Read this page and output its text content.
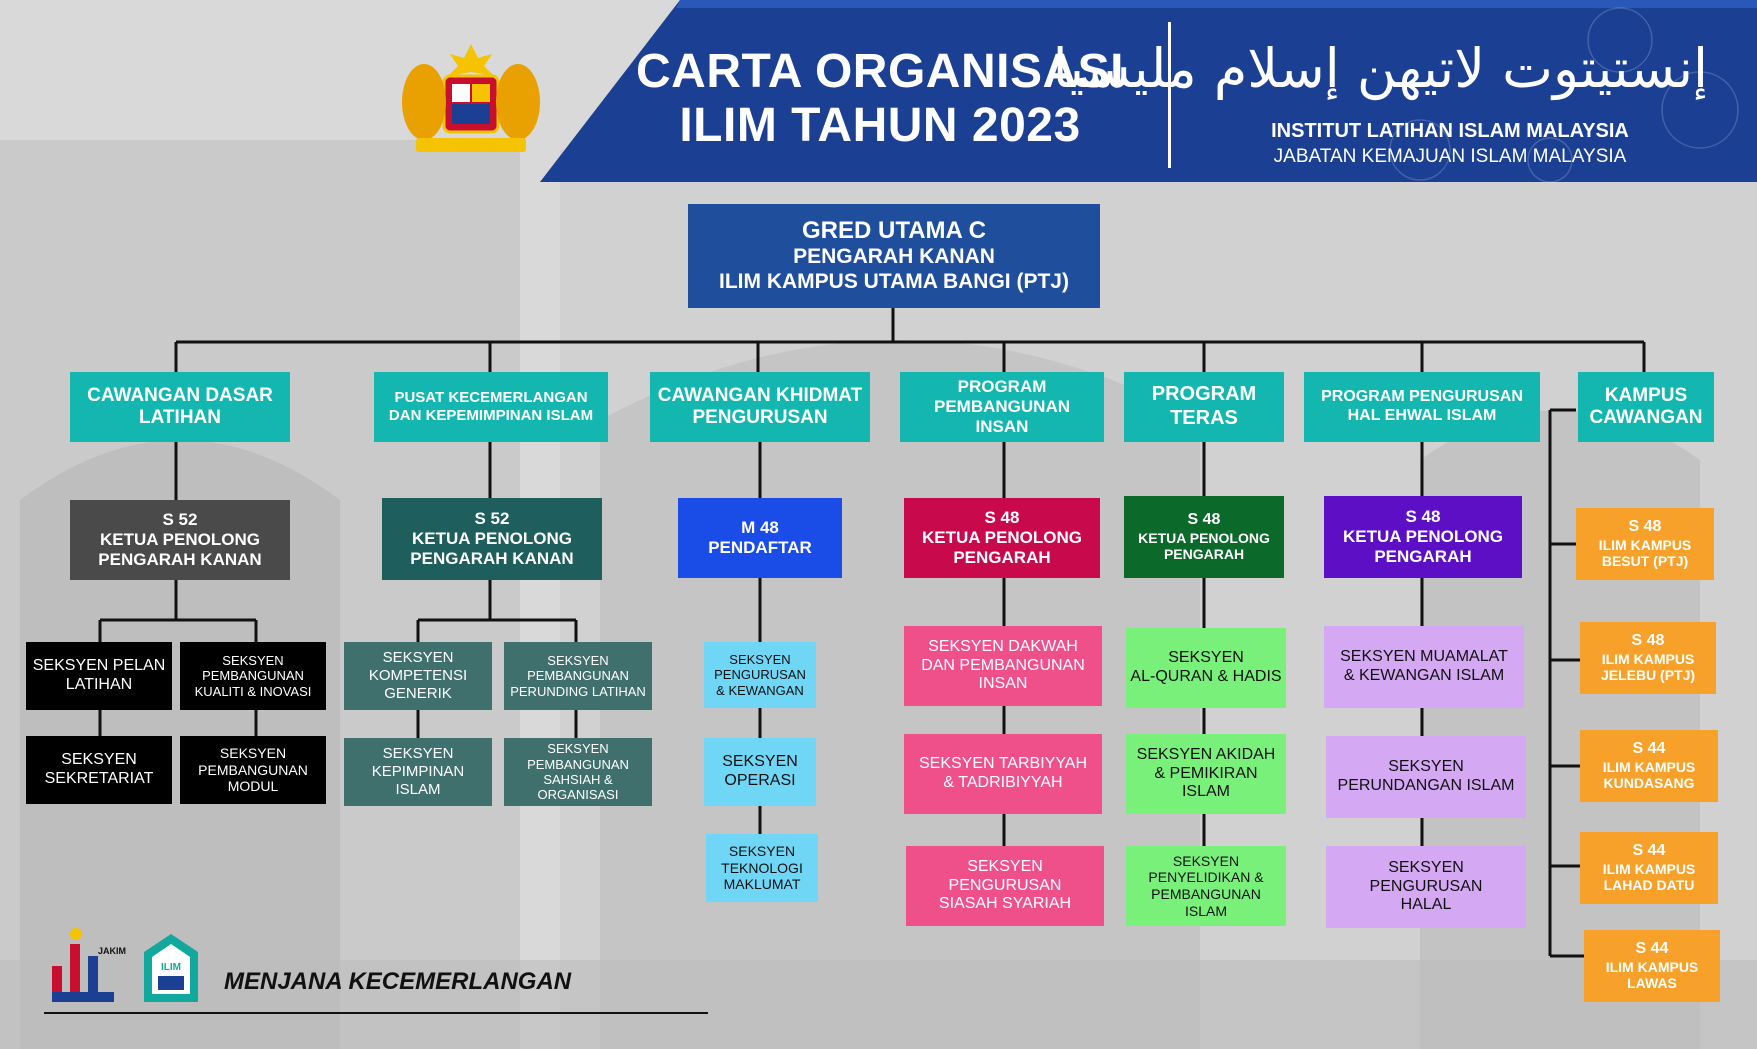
CARTA ORGANISASI
ILIM TAHUN 2023
إنستيتوت لاتيهن إسلام مليسيا
INSTITUT LATIHAN ISLAM MALAYSIA
JABATAN KEMAJUAN ISLAM MALAYSIA
GRED UTAMA C
PENGARAH KANAN
ILIM KAMPUS UTAMA BANGI (PTJ)
CAWANGAN DASAR
LATIHAN
PUSAT KECEMERLANGAN
DAN KEPEMIMPINAN ISLAM
CAWANGAN KHIDMAT
PENGURUSAN
PROGRAM
PEMBANGUNAN
INSAN
PROGRAM
TERAS
PROGRAM PENGURUSAN
HAL EHWAL ISLAM
KAMPUS
CAWANGAN
S 52
KETUA PENOLONG
PENGARAH KANAN
S 52
KETUA PENOLONG
PENGARAH KANAN
M 48
PENDAFTAR
S 48
KETUA PENOLONG
PENGARAH
S 48
KETUA PENOLONG
PENGARAH
S 48
KETUA PENOLONG
PENGARAH
SEKSYEN PELAN
LATIHAN
SEKSYEN
PEMBANGUNAN
KUALITI & INOVASI
SEKSYEN
SEKRETARIAT
SEKSYEN
PEMBANGUNAN
MODUL
SEKSYEN
KOMPETENSI
GENERIK
SEKSYEN
PEMBANGUNAN
PERUNDING LATIHAN
SEKSYEN
KEPIMPINAN ISLAM
SEKSYEN
PEMBANGUNAN
SAHSIAH & ORGANISASI
SEKSYEN
PENGURUSAN
& KEWANGAN
SEKSYEN
OPERASI
SEKSYEN
TEKNOLOGI
MAKLUMAT
SEKSYEN DAKWAH
DAN PEMBANGUNAN
INSAN
SEKSYEN TARBIYYAH
& TADRIBIYYAH
SEKSYEN PENGURUSAN
SIASAH SYARIAH
SEKSYEN
AL-QURAN & HADIS
SEKSYEN AKIDAH
& PEMIKIRAN ISLAM
SEKSYEN
PENYELIDIKAN &
PEMBANGUNAN ISLAM
SEKSYEN MUAMALAT
& KEWANGAN ISLAM
SEKSYEN
PERUNDANGAN ISLAM
SEKSYEN PENGURUSAN
HALAL
S 48
ILIM KAMPUS
BESUT (PTJ)
S 48
ILIM KAMPUS
JELEBU (PTJ)
S 44
ILIM KAMPUS
KUNDASANG
S 44
ILIM KAMPUS
LAHAD DATU
S 44
ILIM KAMPUS
LAWAS
JAKIM
ILIM
MENJANA KECEMERLANGAN
